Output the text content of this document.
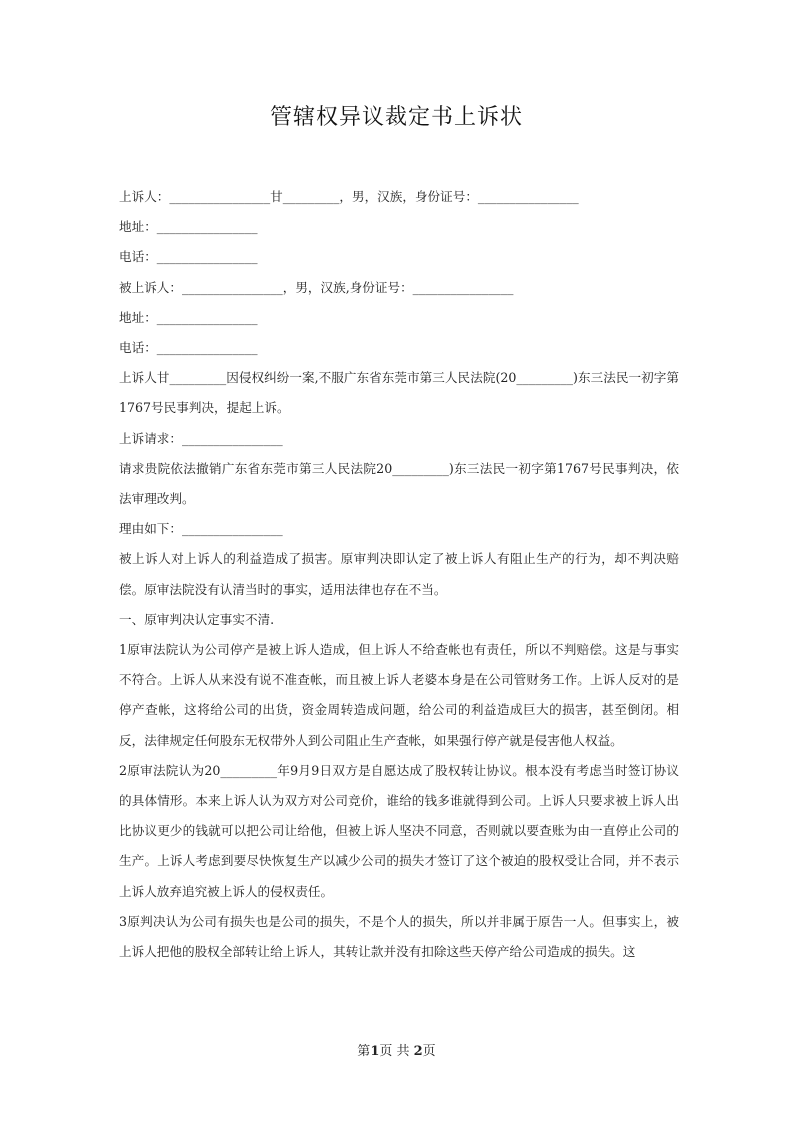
管辖权异议裁定书上诉状

上诉人：________________甘_________，男，汉族，身份证号：________________

地址：________________

电话：________________

被上诉人：________________，男，汉族,身份证号：________________

地址：________________

电话：________________

上诉人甘_________因侵权纠纷一案,不服广东省东莞市第三人民法院(20_________)东三法民一初字第1767号民事判决，提起上诉。

上诉请求：________________

请求贵院依法撤销广东省东莞市第三人民法院20_________)东三法民一初字第1767号民事判决，依法审理改判。

理由如下：________________

被上诉人对上诉人的利益造成了损害。原审判决即认定了被上诉人有阻止生产的行为，却不判决赔偿。原审法院没有认清当时的事实，适用法律也存在不当。

一、原审判决认定事实不清.

1原审法院认为公司停产是被上诉人造成，但上诉人不给查帐也有责任，所以不判赔偿。这是与事实不符合。上诉人从来没有说不准查帐，而且被上诉人老婆本身是在公司管财务工作。上诉人反对的是停产查帐，这将给公司的出货，资金周转造成问题，给公司的利益造成巨大的损害，甚至倒闭。相反，法律规定任何股东无权带外人到公司阻止生产查帐，如果强行停产就是侵害他人权益。

2原审法院认为20_________年9月9日双方是自愿达成了股权转让协议。根本没有考虑当时签订协议的具体情形。本来上诉人认为双方对公司竞价，谁给的钱多谁就得到公司。上诉人只要求被上诉人出比协议更少的钱就可以把公司让给他，但被上诉人坚决不同意，否则就以要查账为由一直停止公司的生产。上诉人考虑到要尽快恢复生产以减少公司的损失才签订了这个被迫的股权受让合同，并不表示上诉人放弃追究被上诉人的侵权责任。

3原判决认为公司有损失也是公司的损失，不是个人的损失，所以并非属于原告一人。但事实上，被上诉人把他的股权全部转让给上诉人，其转让款并没有扣除这些天停产给公司造成的损失。这

第1页 共 2页
